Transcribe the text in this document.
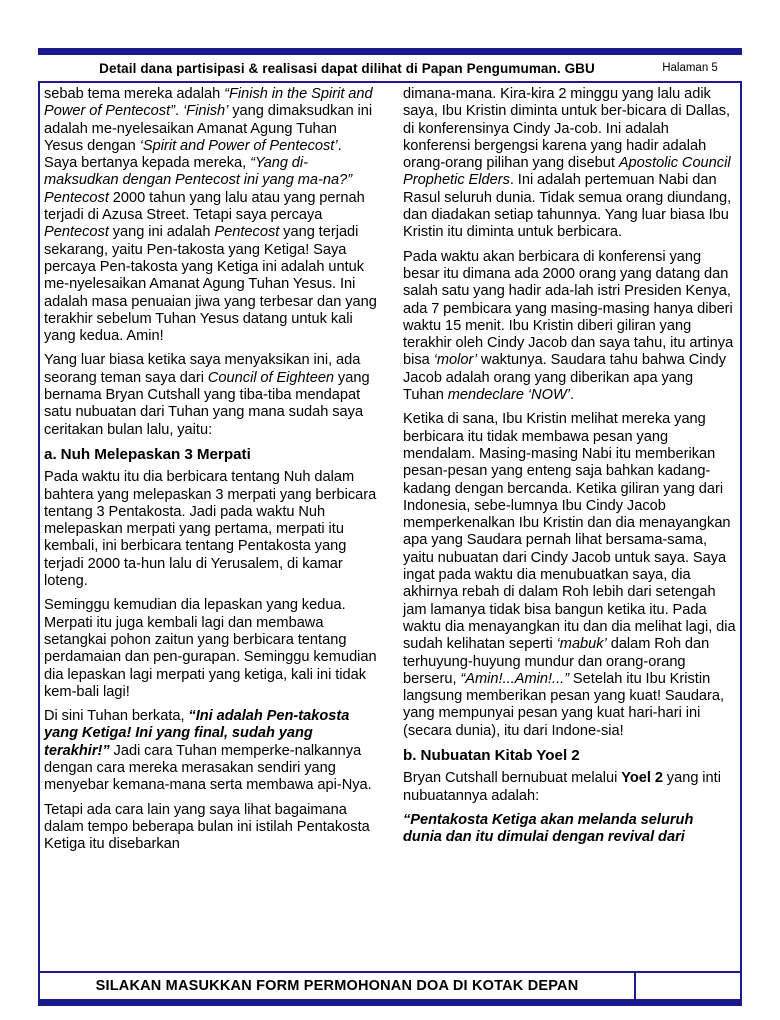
Detail dana partisipasi & realisasi dapat dilihat di Papan Pengumuman. GBU	Halaman 5

sebab tema mereka adalah “Finish in the Spirit and Power of Pentecost”. ‘Finish’ yang dimaksudkan ini adalah me-nyelesaikan Amanat Agung Tuhan Yesus dengan ‘Spirit and Power of Pentecost’. Saya bertanya kepada mereka, “Yang di-maksudkan dengan Pentecost ini yang ma-na?” Pentecost 2000 tahun yang lalu atau yang pernah terjadi di Azusa Street. Tetapi saya percaya Pentecost yang ini adalah Pentecost yang terjadi sekarang, yaitu Pen-takosta yang Ketiga! Saya percaya Pen-takosta yang Ketiga ini adalah untuk me-nyelesaikan Amanat Agung Tuhan Yesus. Ini adalah masa penuaian jiwa yang terbesar dan yang terakhir sebelum Tuhan Yesus datang untuk kali yang kedua. Amin!

Yang luar biasa ketika saya menyaksikan ini, ada seorang teman saya dari Council of Eighteen yang bernama Bryan Cutshall yang tiba-tiba mendapat satu nubuatan dari Tuhan yang mana sudah saya ceritakan bulan lalu, yaitu:

a. Nuh Melepaskan 3 Merpati

Pada waktu itu dia berbicara tentang Nuh dalam bahtera yang melepaskan 3 merpati yang berbicara tentang 3 Pentakosta. Jadi pada waktu Nuh melepaskan merpati yang pertama, merpati itu kembali, ini berbicara tentang Pentakosta yang terjadi 2000 ta-hun lalu di Yerusalem, di kamar loteng.

Seminggu kemudian dia lepaskan yang kedua. Merpati itu juga kembali lagi dan membawa setangkai pohon zaitun yang berbicara tentang perdamaian dan pen-gurapan. Seminggu kemudian dia lepaskan lagi merpati yang ketiga, kali ini tidak kem-bali lagi!

Di sini Tuhan berkata, “Ini adalah Pen-takosta yang Ketiga! Ini yang final, sudah yang terakhir!” Jadi cara Tuhan memperke-nalkannya dengan cara mereka merasakan sendiri yang menyebar kemana-mana serta membawa api-Nya.

Tetapi ada cara lain yang saya lihat bagaimana dalam tempo beberapa bulan ini istilah Pentakosta Ketiga itu disebarkan

dimana-mana. Kira-kira 2 minggu yang lalu adik saya, Ibu Kristin diminta untuk ber-bicara di Dallas, di konferensinya Cindy Ja-cob. Ini adalah konferensi bergengsi karena yang hadir adalah orang-orang pilihan yang disebut Apostolic Council Prophetic Elders. Ini adalah pertemuan Nabi dan Rasul seluruh dunia. Tidak semua orang diundang, dan diadakan setiap tahunnya. Yang luar biasa Ibu Kristin itu diminta untuk berbicara.

Pada waktu akan berbicara di konferensi yang besar itu dimana ada 2000 orang yang datang dan salah satu yang hadir ada-lah istri Presiden Kenya, ada 7 pembicara yang masing-masing hanya diberi waktu 15 menit. Ibu Kristin diberi giliran yang terakhir oleh Cindy Jacob dan saya tahu, itu artinya bisa ‘molor’ waktunya. Saudara tahu bahwa Cindy Jacob adalah orang yang diberikan apa yang Tuhan mendeclare ‘NOW’.

Ketika di sana, Ibu Kristin melihat mereka yang berbicara itu tidak membawa pesan yang mendalam. Masing-masing Nabi itu memberikan pesan-pesan yang enteng saja bahkan kadang-kadang dengan bercanda. Ketika giliran yang dari Indonesia, sebe-lumnya Ibu Cindy Jacob memperkenalkan Ibu Kristin dan dia menayangkan apa yang Saudara pernah lihat bersama-sama, yaitu nubuatan dari Cindy Jacob untuk saya. Saya ingat pada waktu dia menubuatkan saya, dia akhirnya rebah di dalam Roh lebih dari setengah jam lamanya tidak bisa bangun ketika itu. Pada waktu dia menayangkan itu dan dia melihat lagi, dia sudah kelihatan seperti ‘mabuk’ dalam Roh dan terhuyung-huyung mundur dan orang-orang berseru, “Amin!...Amin!...” Setelah itu Ibu Kristin langsung memberikan pesan yang kuat! Saudara, yang mempunyai pesan yang kuat hari-hari ini (secara dunia), itu dari Indone-sia!

b. Nubuatan Kitab Yoel 2

Bryan Cutshall bernubuat melalui Yoel 2 yang inti nubuatannya adalah:

“Pentakosta Ketiga akan melanda seluruh dunia dan itu dimulai dengan revival dari

SILAKAN MASUKKAN FORM PERMOHONAN DOA DI KOTAK DEPAN
